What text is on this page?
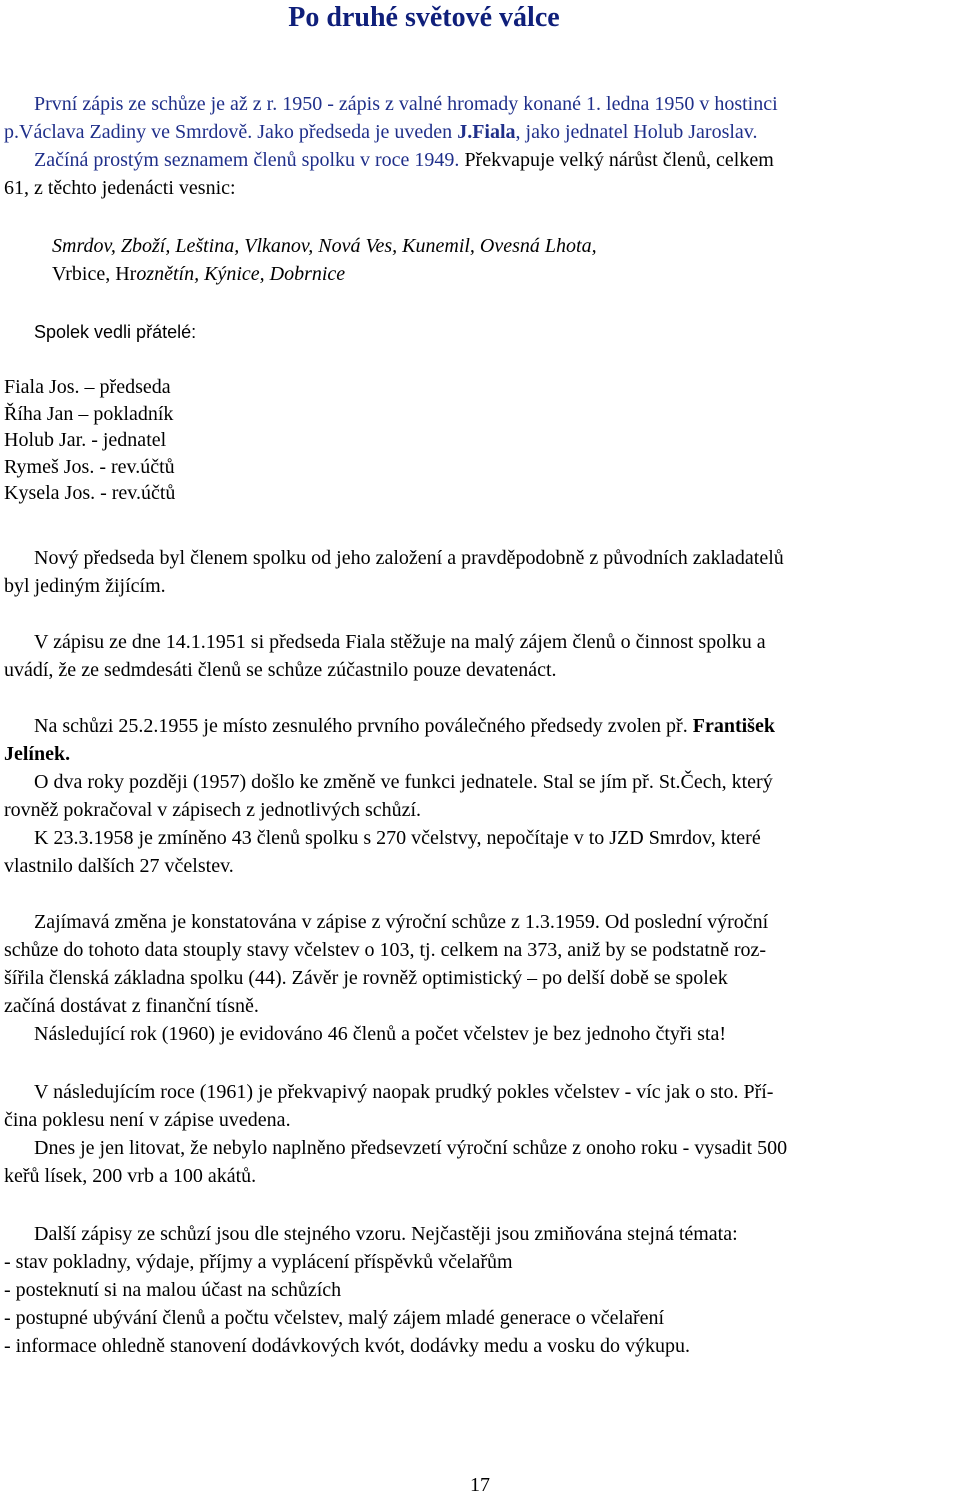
Po druhé světové válce
První zápis ze schůze je až z r. 1950 - zápis z valné hromady konané 1. ledna 1950 v hostinci
p.Václava Zadiny ve Smrdově. Jako předseda je uveden J.Fiala, jako jednatel Holub Jaroslav.
Začíná prostým seznamem členů spolku v roce 1949. Překvapuje velký nárůst členů, celkem
61, z těchto jedenácti vesnic:
Smrdov, Zboží, Leština, Vlkanov, Nová Ves, Kunemil, Ovesná Lhota,
Vrbice, Hroznětín, Kýnice, Dobrnice
Spolek vedli přátelé:
Fiala Jos. – předseda
Říha Jan – pokladník
Holub Jar. - jednatel
Rymeš Jos. - rev.účtů
Kysela Jos. - rev.účtů
Nový předseda byl členem spolku od jeho založení a pravděpodobně z původních zakladatelů
byl jediným žijícím.
V zápisu ze dne 14.1.1951 si předseda Fiala stěžuje na malý zájem členů o činnost spolku a
uvádí, že ze sedmdesáti členů se schůze zúčastnilo pouze devatenáct.
Na schůzi 25.2.1955 je místo zesnulého prvního poválečného předsedy zvolen př. František
Jelínek.
O dva roky později (1957) došlo ke změně ve funkci jednatele. Stal se jím př. St.Čech, který
rovněž pokračoval v zápisech z jednotlivých schůzí.
K 23.3.1958 je zmíněno 43 členů spolku s 270 včelstvy, nepočítaje v to JZD Smrdov, které
vlastnilo dalších 27 včelstev.
Zajímavá změna je konstatována v zápise z výroční schůze z 1.3.1959. Od poslední výroční
schůze do tohoto data stouply stavy včelstev o 103, tj. celkem na 373, aniž by se podstatně roz-
šířila členská základna spolku (44). Závěr je rovněž optimistický – po delší době se spolek
začíná dostávat z finanční tísně.
Následující rok (1960) je evidováno 46 členů a počet včelstev je bez jednoho čtyři sta!
V následujícím roce (1961) je překvapivý naopak prudký pokles včelstev - víc jak o sto. Pří-
čina poklesu není v zápise uvedena.
Dnes je jen litovat, že nebylo naplněno předsevzetí výroční schůze z onoho roku - vysadit 500
keřů lísek, 200 vrb a 100 akátů.
Další zápisy ze schůzí jsou dle stejného vzoru. Nejčastěji jsou zmiňována stejná témata:
- stav pokladny, výdaje, příjmy a vyplácení příspěvků včelařům
- posteknutí si na malou účast na schůzích
- postupné ubývání členů a počtu včelstev, malý zájem mladé generace o včelaření
- informace ohledně stanovení dodávkových kvót, dodávky medu a vosku do výkupu.
17
